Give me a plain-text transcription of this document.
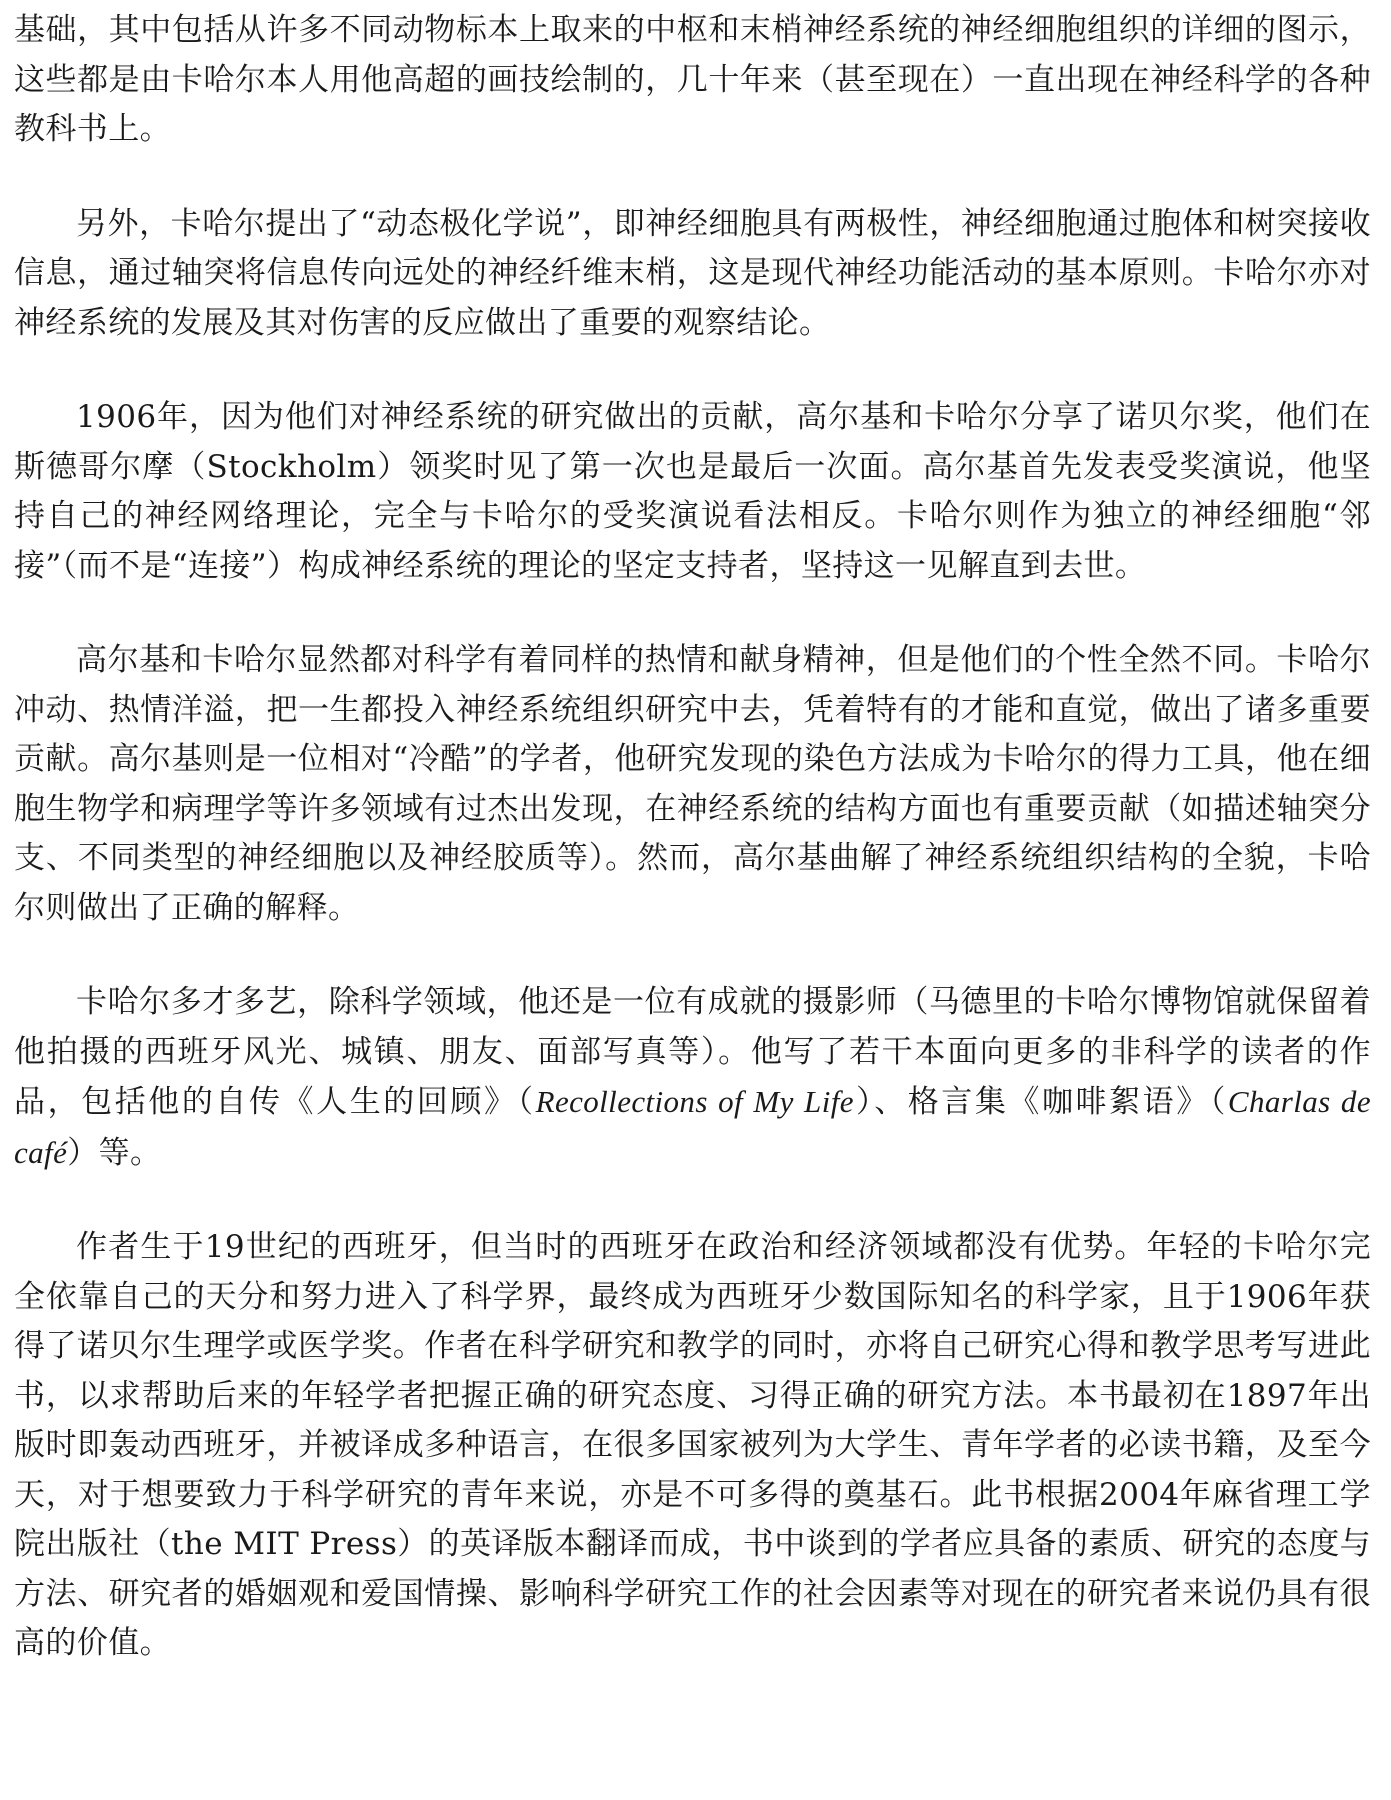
基础，其中包括从许多不同动物标本上取来的中枢和末梢神经系统的神经细胞组织的详细的图示，这些都是由卡哈尔本人用他高超的画技绘制的，几十年来（甚至现在）一直出现在神经科学的各种教科书上。

另外，卡哈尔提出了“动态极化学说”，即神经细胞具有两极性，神经细胞通过胞体和树突接收信息，通过轴突将信息传向远处的神经纤维末梢，这是现代神经功能活动的基本原则。卡哈尔亦对神经系统的发展及其对伤害的反应做出了重要的观察结论。

1906年，因为他们对神经系统的研究做出的贡献，高尔基和卡哈尔分享了诺贝尔奖，他们在斯德哥尔摩（Stockholm）领奖时见了第一次也是最后一次面。高尔基首先发表受奖演说，他坚持自己的神经网络理论，完全与卡哈尔的受奖演说看法相反。卡哈尔则作为独立的神经细胞“邻接”（而不是“连接”）构成神经系统的理论的坚定支持者，坚持这一见解直到去世。

高尔基和卡哈尔显然都对科学有着同样的热情和献身精神，但是他们的个性全然不同。卡哈尔冲动、热情洋溢，把一生都投入神经系统组织研究中去，凭着特有的才能和直觉，做出了诸多重要贡献。高尔基则是一位相对“冷酷”的学者，他研究发现的染色方法成为卡哈尔的得力工具，他在细胞生物学和病理学等许多领域有过杰出发现，在神经系统的结构方面也有重要贡献（如描述轴突分支、不同类型的神经细胞以及神经胶质等）。然而，高尔基曲解了神经系统组织结构的全貌，卡哈尔则做出了正确的解释。

卡哈尔多才多艺，除科学领域，他还是一位有成就的摄影师（马德里的卡哈尔博物馆就保留着他拍摄的西班牙风光、城镇、朋友、面部写真等）。他写了若干本面向更多的非科学的读者的作品，包括他的自传《人生的回顾》（Recollections of My Life）、格言集《咖啡絮语》（Charlas de café）等。

作者生于19世纪的西班牙，但当时的西班牙在政治和经济领域都没有优势。年轻的卡哈尔完全依靠自己的天分和努力进入了科学界，最终成为西班牙少数国际知名的科学家，且于1906年获得了诺贝尔生理学或医学奖。作者在科学研究和教学的同时，亦将自己研究心得和教学思考写进此书，以求帮助后来的年轻学者把握正确的研究态度、习得正确的研究方法。本书最初在1897年出版时即轰动西班牙，并被译成多种语言，在很多国家被列为大学生、青年学者的必读书籍，及至今天，对于想要致力于科学研究的青年来说，亦是不可多得的奠基石。此书根据2004年麻省理工学院出版社（the MIT Press）的英译版本翻译而成，书中谈到的学者应具备的素质、研究的态度与方法、研究者的婚姻观和爱国情操、影响科学研究工作的社会因素等对现在的研究者来说仍具有很高的价值。
